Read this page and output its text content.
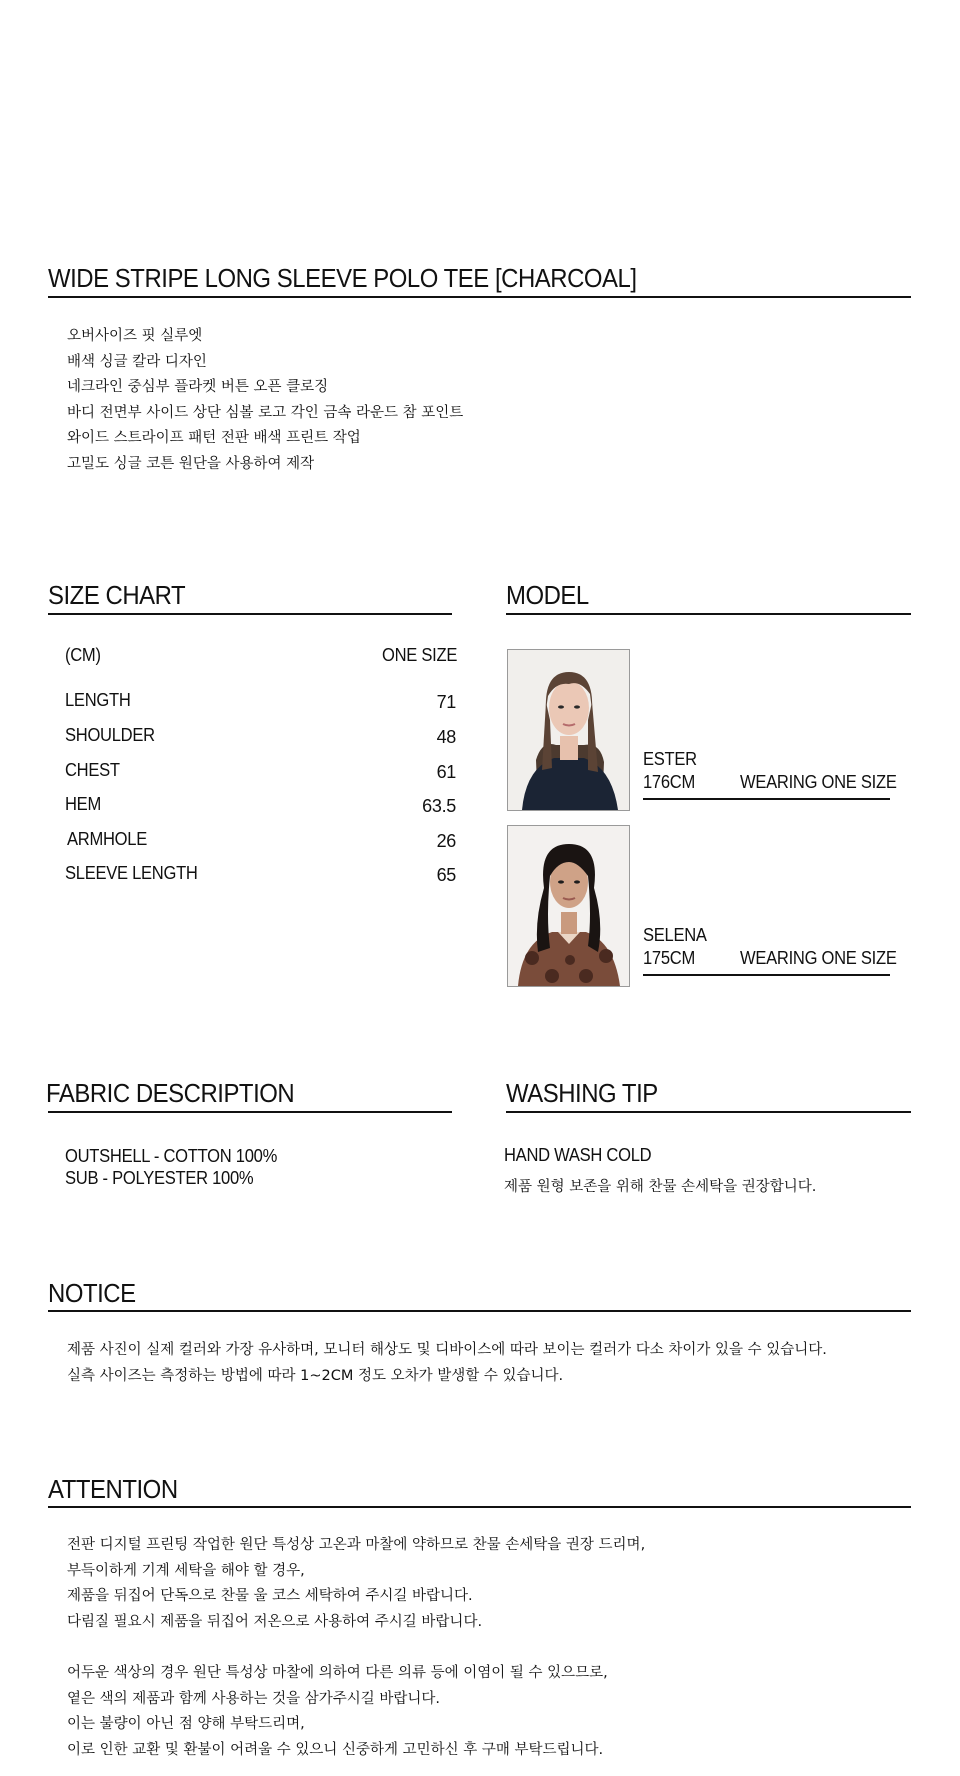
WIDE STRIPE LONG SLEEVE POLO TEE [CHARCOAL]
오버사이즈 핏 실루엣
배색 싱글 칼라 디자인
네크라인 중심부 플라켓 버튼 오픈 클로징
바디 전면부 사이드 상단 심볼 로고 각인 금속 라운드 참 포인트
와이드 스트라이프 패턴 전판 배색 프린트 작업
고밀도 싱글 코튼 원단을 사용하여 제작
SIZE CHART
(CM)	ONE SIZE
LENGTH	71
SHOULDER	48
CHEST	61
HEM	63.5
ARMHOLE	26
SLEEVE LENGTH	65
MODEL
ESTER
176CM WEARING ONE SIZE
SELENA
175CM WEARING ONE SIZE
FABRIC DESCRIPTION
OUTSHELL - COTTON 100%
SUB - POLYESTER 100%
WASHING TIP
HAND WASH COLD
제품 원형 보존을 위해 찬물 손세탁을 권장합니다.
NOTICE
제품 사진이 실제 컬러와 가장 유사하며, 모니터 해상도 및 디바이스에 따라 보이는 컬러가 다소 차이가 있을 수 있습니다.
실측 사이즈는 측정하는 방법에 따라 1~2CM 정도 오차가 발생할 수 있습니다.
ATTENTION
전판 디지털 프린팅 작업한 원단 특성상 고온과 마찰에 약하므로 찬물 손세탁을 권장 드리며,
부득이하게 기계 세탁을 해야 할 경우,
제품을 뒤집어 단독으로 찬물 울 코스 세탁하여 주시길 바랍니다.
다림질 필요시 제품을 뒤집어 저온으로 사용하여 주시길 바랍니다.
어두운 색상의 경우 원단 특성상 마찰에 의하여 다른 의류 등에 이염이 될 수 있으므로,
옅은 색의 제품과 함께 사용하는 것을 삼가주시길 바랍니다.
이는 불량이 아닌 점 양해 부탁드리며,
이로 인한 교환 및 환불이 어려울 수 있으니 신중하게 고민하신 후 구매 부탁드립니다.
